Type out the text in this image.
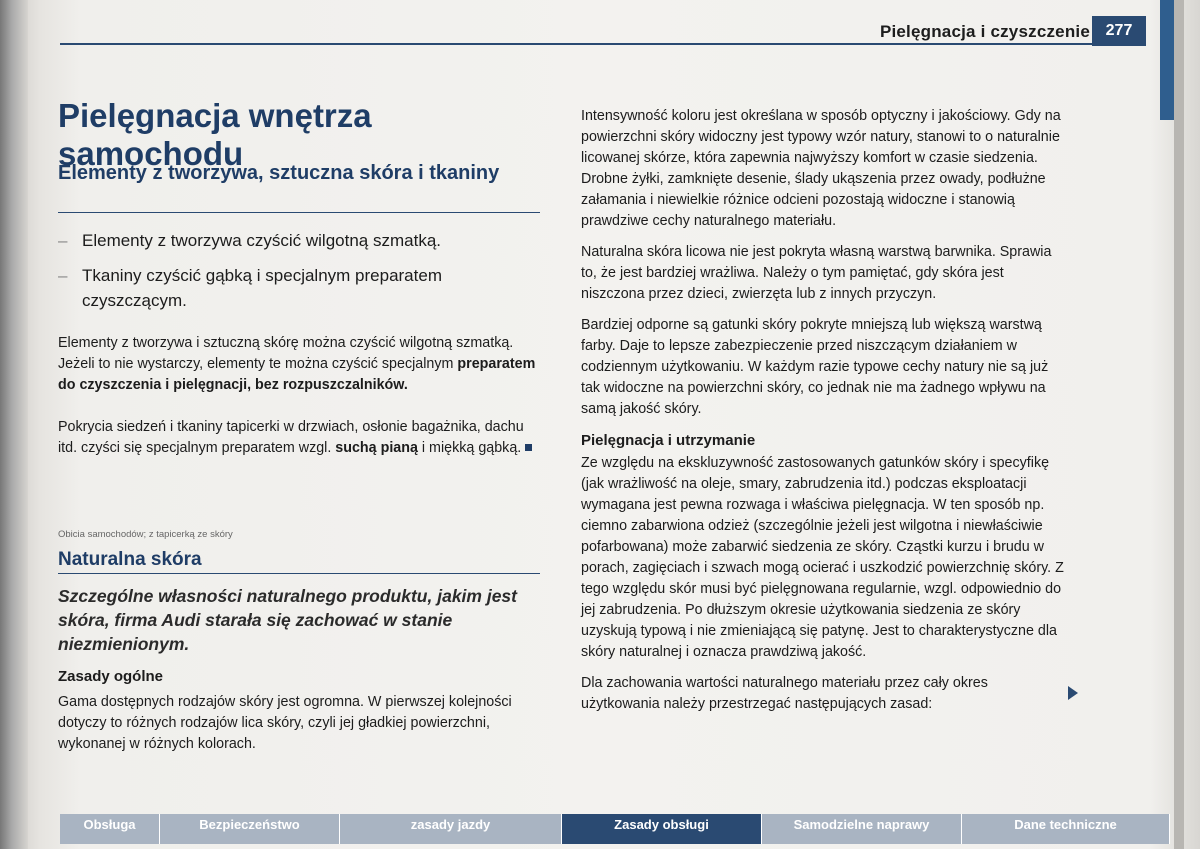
Pielęgnacja i czyszczenie 277
Pielęgnacja wnętrza samochodu
Elementy z tworzywa, sztuczna skóra i tkaniny
– Elementy z tworzywa czyścić wilgotną szmatką.
– Tkaniny czyścić gąbką i specjalnym preparatem czyszczącym.

Elementy z tworzywa i sztuczną skórę można czyścić wilgotną szmatką. Jeżeli to nie wystarczy, elementy te można czyścić specjalnym preparatem do czyszczenia i pielęgnacji, bez rozpuszczalników.

Pokrycia siedzeń i tkaniny tapicerki w drzwiach, osłonie bagażnika, dachu itd. czyści się specjalnym preparatem wzgl. suchą pianą i miękką gąbką.

Obicia samochodów; z tapicerką ze skóry
Naturalna skóra

Szczególne własności naturalnego produktu, jakim jest skóra, firma Audi starała się zachować w stanie niezmienionym.

Zasady ogólne

Gama dostępnych rodzajów skóry jest ogromna. W pierwszej kolejności dotyczy to różnych rodzajów lica skóry, czyli jej gładkiej powierzchni, wykonanej w różnych kolorach.

Intensywność koloru jest określana w sposób optyczny i jakościowy. Gdy na powierzchni skóry widoczny jest typowy wzór natury, stanowi to o naturalnie licowanej skórze, która zapewnia najwyższy komfort w czasie siedzenia. Drobne żyłki, zamknięte desenie, ślady ukąszenia przez owady, podłużne załamania i niewielkie różnice odcieni pozostają widoczne i stanowią prawdziwe cechy naturalnego materiału.

Naturalna skóra licowa nie jest pokryta własną warstwą barwnika. Sprawia to, że jest bardziej wrażliwa. Należy o tym pamiętać, gdy skóra jest niszczona przez dzieci, zwierzęta lub z innych przyczyn.

Bardziej odporne są gatunki skóry pokryte mniejszą lub większą warstwą farby. Daje to lepsze zabezpieczenie przed niszczącym działaniem w codziennym użytkowaniu. W każdym razie typowe cechy natury nie są już tak widoczne na powierzchni skóry, co jednak nie ma żadnego wpływu na samą jakość skóry.

Pielęgnacja i utrzymanie

Ze względu na ekskluzywność zastosowanych gatunków skóry i specyfikę (jak wrażliwość na oleje, smary, zabrudzenia itd.) podczas eksploatacji wymagana jest pewna rozwaga i właściwa pielęgnacja. W ten sposób np. ciemno zabarwiona odzież (szczególnie jeżeli jest wilgotna i niewłaściwie pofarbowana) może zabarwić siedzenia ze skóry. Cząstki kurzu i brudu w porach, zagięciach i szwach mogą ocierać i uszkodzić powierzchnię skóry. Z tego względu skór musi być pielęgnowana regularnie, wzgl. odpowiednio do jej zabrudzenia. Po dłuższym okresie użytkowania siedzenia ze skóry uzyskują typową i nie zmieniającą się patynę. Jest to charakterystyczne dla skóry naturalnej i oznacza prawdziwą jakość.

Dla zachowania wartości naturalnego materiału przez cały okres użytkowania należy przestrzegać następujących zasad:

Obsługa	Bezpieczeństwo	zasady jazdy	Zasady obsługi	Samodzielne naprawy	Dane techniczne
